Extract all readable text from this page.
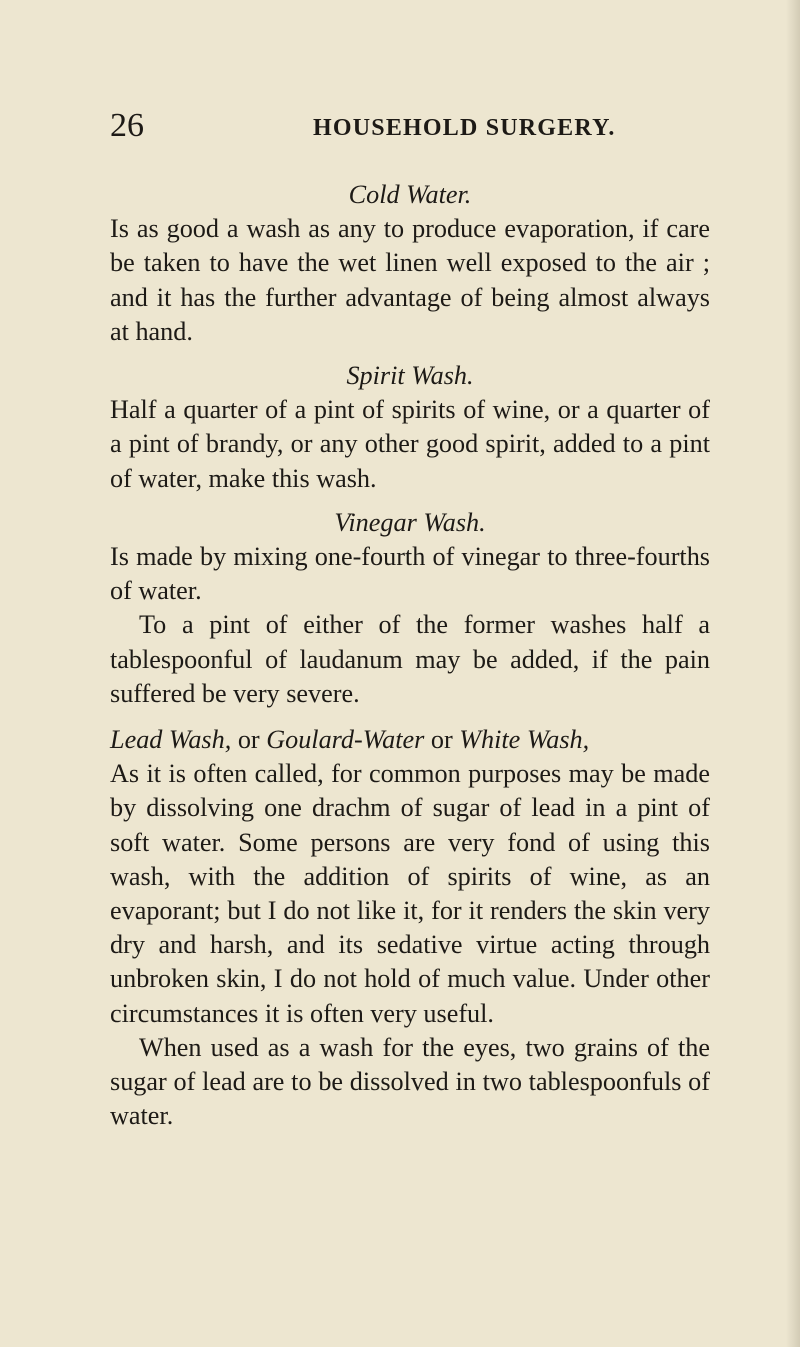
26	HOUSEHOLD SURGERY.
Cold Water.
Is as good a wash as any to produce evaporation, if care be taken to have the wet linen well exposed to the air ; and it has the further advantage of being almost always at hand.
Spirit Wash.
Half a quarter of a pint of spirits of wine, or a quarter of a pint of brandy, or any other good spirit, added to a pint of water, make this wash.
Vinegar Wash.
Is made by mixing one-fourth of vinegar to three-fourths of water.
To a pint of either of the former washes half a tablespoonful of laudanum may be added, if the pain suffered be very severe.
Lead Wash, or Goulard-Water or White Wash,
As it is often called, for common purposes may be made by dissolving one drachm of sugar of lead in a pint of soft water. Some persons are very fond of using this wash, with the addition of spirits of wine, as an evaporant; but I do not like it, for it renders the skin very dry and harsh, and its sedative virtue acting through unbroken skin, I do not hold of much value. Under other circumstances it is often very useful.
When used as a wash for the eyes, two grains of the sugar of lead are to be dissolved in two tablespoonfuls of water.
